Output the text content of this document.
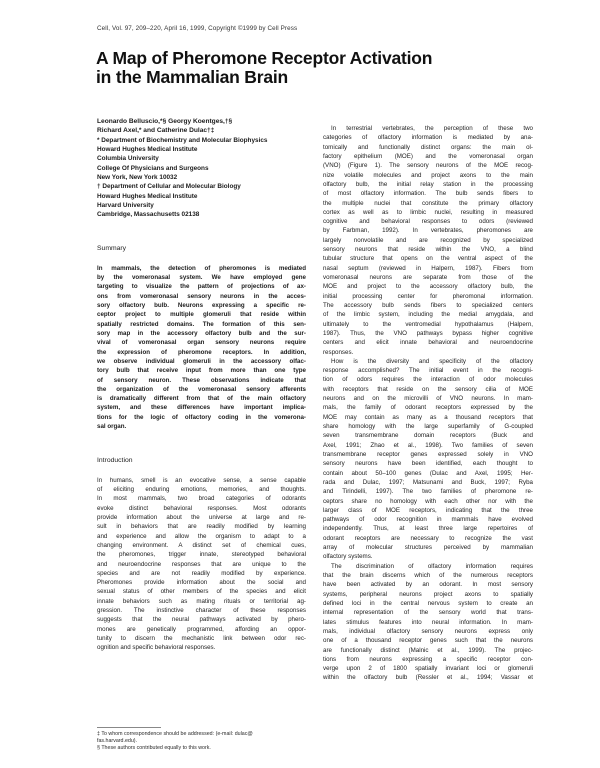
Cell, Vol. 97, 209–220, April 16, 1999, Copyright ©1999 by Cell Press
A Map of Pheromone Receptor Activation
in the Mammalian Brain
Leonardo Belluscio,*§ Georgy Koentges,†§
Richard Axel,* and Catherine Dulac†‡
* Department of Biochemistry and Molecular Biophysics
Howard Hughes Medical Institute
Columbia University
College Of Physicians and Surgeons
New York, New York 10032
† Department of Cellular and Molecular Biology
Howard Hughes Medical Institute
Harvard University
Cambridge, Massachusetts 02138
Summary
In mammals, the detection of pheromones is mediated
by the vomeronasal system. We have employed gene
targeting to visualize the pattern of projections of ax-
ons from vomeronasal sensory neurons in the acces-
sory olfactory bulb. Neurons expressing a specific re-
ceptor project to multiple glomeruli that reside within
spatially restricted domains. The formation of this sen-
sory map in the accessory olfactory bulb and the sur-
vival of vomeronasal organ sensory neurons require
the expression of pheromone receptors. In addition,
we observe individual glomeruli in the accessory olfac-
tory bulb that receive input from more than one type
of sensory neuron. These observations indicate that
the organization of the vomeronasal sensory afferents
is dramatically different from that of the main olfactory
system, and these differences have important implica-
tions for the logic of olfactory coding in the vomerona-
sal organ.
Introduction
In humans, smell is an evocative sense, a sense capable
of eliciting enduring emotions, memories, and thoughts.
In most mammals, two broad categories of odorants
evoke distinct behavioral responses. Most odorants
provide information about the universe at large and re-
sult in behaviors that are readily modified by learning
and experience and allow the organism to adapt to a
changing environment. A distinct set of chemical cues,
the pheromones, trigger innate, stereotyped behavioral
and neuroendocrine responses that are unique to the
species and are not readily modified by experience.
Pheromones provide information about the social and
sexual status of other members of the species and elicit
innate behaviors such as mating rituals or territorial ag-
gression. The instinctive character of these responses
suggests that the neural pathways activated by phero-
mones are genetically programmed, affording an oppor-
tunity to discern the mechanistic link between odor rec-
ognition and specific behavioral responses.
In terrestrial vertebrates, the perception of these two
categories of olfactory information is mediated by ana-
tomically and functionally distinct organs: the main ol-
factory epithelium (MOE) and the vomeronasal organ
(VNO) (Figure 1). The sensory neurons of the MOE recog-
nize volatile molecules and project axons to the main
olfactory bulb, the initial relay station in the processing
of most olfactory information. The bulb sends fibers to
the multiple nuclei that constitute the primary olfactory
cortex as well as to limbic nuclei, resulting in measured
cognitive and behavioral responses to odors (reviewed
by Farbman, 1992). In vertebrates, pheromones are
largely nonvolatile and are recognized by specialized
sensory neurons that reside within the VNO, a blind
tubular structure that opens on the ventral aspect of the
nasal septum (reviewed in Halpern, 1987). Fibers from
vomeronasal neurons are separate from those of the
MOE and project to the accessory olfactory bulb, the
initial processing center for pheromonal information.
The accessory bulb sends fibers to specialized centers
of the limbic system, including the medial amygdala, and
ultimately to the ventromedial hypothalamus (Halpern,
1987). Thus, the VNO pathways bypass higher cognitive
centers and elicit innate behavioral and neuroendocrine
responses.
How is the diversity and specificity of the olfactory
response accomplished? The initial event in the recogni-
tion of odors requires the interaction of odor molecules
with receptors that reside on the sensory cilia of MOE
neurons and on the microvilli of VNO neurons. In mam-
mals, the family of odorant receptors expressed by the
MOE may contain as many as a thousand receptors that
share homology with the large superfamily of G-coupled
seven transmembrane domain receptors (Buck and
Axel, 1991; Zhao et al., 1998). Two families of seven
transmembrane receptor genes expressed solely in VNO
sensory neurons have been identified, each thought to
contain about 50–100 genes (Dulac and Axel, 1995; Her-
rada and Dulac, 1997; Matsunami and Buck, 1997; Ryba
and Tirindelli, 1997). The two families of pheromone re-
ceptors share no homology with each other nor with the
larger class of MOE receptors, indicating that the three
pathways of odor recognition in mammals have evolved
independently. Thus, at least three large repertoires of
odorant receptors are necessary to recognize the vast
array of molecular structures perceived by mammalian
olfactory systems.
The discrimination of olfactory information requires
that the brain discerns which of the numerous receptors
have been activated by an odorant. In most sensory
systems, peripheral neurons project axons to spatially
defined loci in the central nervous system to create an
internal representation of the sensory world that trans-
lates stimulus features into neural information. In mam-
mals, individual olfactory sensory neurons express only
one of a thousand receptor genes such that the neurons
are functionally distinct (Malnic et al., 1999). The projec-
tions from neurons expressing a specific receptor con-
verge upon 2 of 1800 spatially invariant loci or glomeruli
within the olfactory bulb (Ressler et al., 1994; Vassar et
‡ To whom correspondence should be addressed: (e-mail: dulac@
fas.harvard.edu).
§ These authors contributed equally to this work.
